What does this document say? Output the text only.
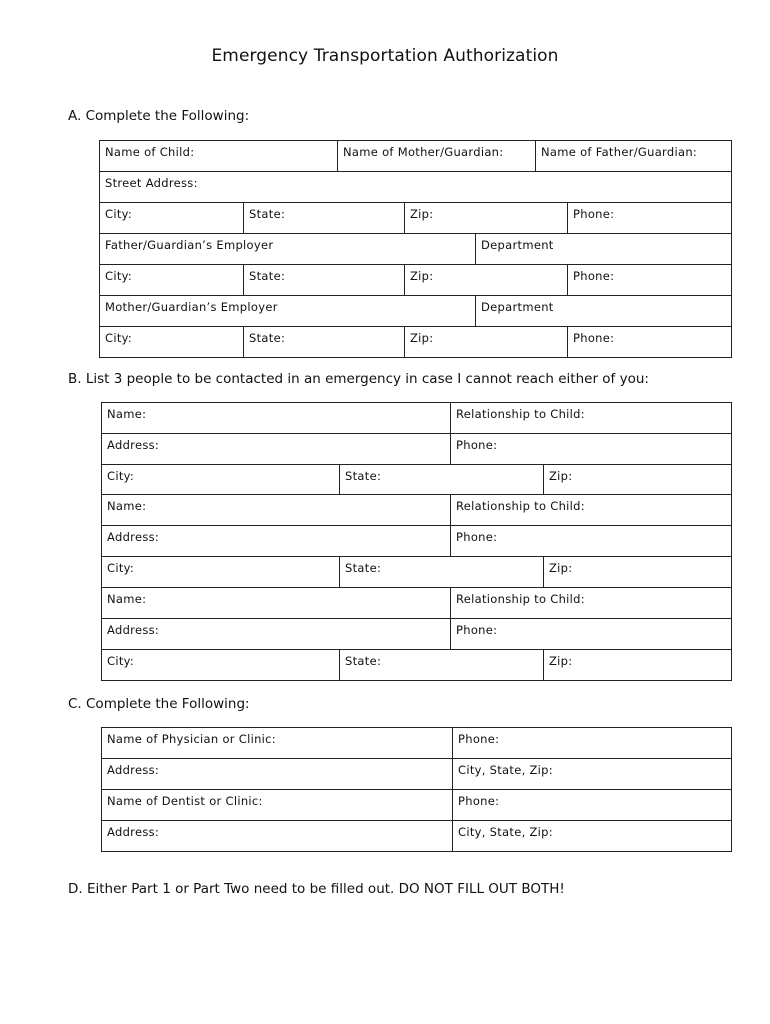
Emergency Transportation Authorization
A. Complete the Following:
Name of Child:	Name of Mother/Guardian:	Name of Father/Guardian:
Street Address:
City:	State:	Zip:	Phone:
Father/Guardian’s Employer	Department
City:	State:	Zip:	Phone:
Mother/Guardian’s Employer	Department
City:	State:	Zip:	Phone:
B. List 3 people to be contacted in an emergency in case I cannot reach either of you:
Name:	Relationship to Child:
Address:	Phone:
City:	State:	Zip:
Name:	Relationship to Child:
Address:	Phone:
City:	State:	Zip:
Name:	Relationship to Child:
Address:	Phone:
City:	State:	Zip:
C. Complete the Following:
Name of Physician or Clinic:	Phone:
Address:	City, State, Zip:
Name of Dentist or Clinic:	Phone:
Address:	City, State, Zip:
D. Either Part 1 or Part Two need to be filled out. DO NOT FILL OUT BOTH!
